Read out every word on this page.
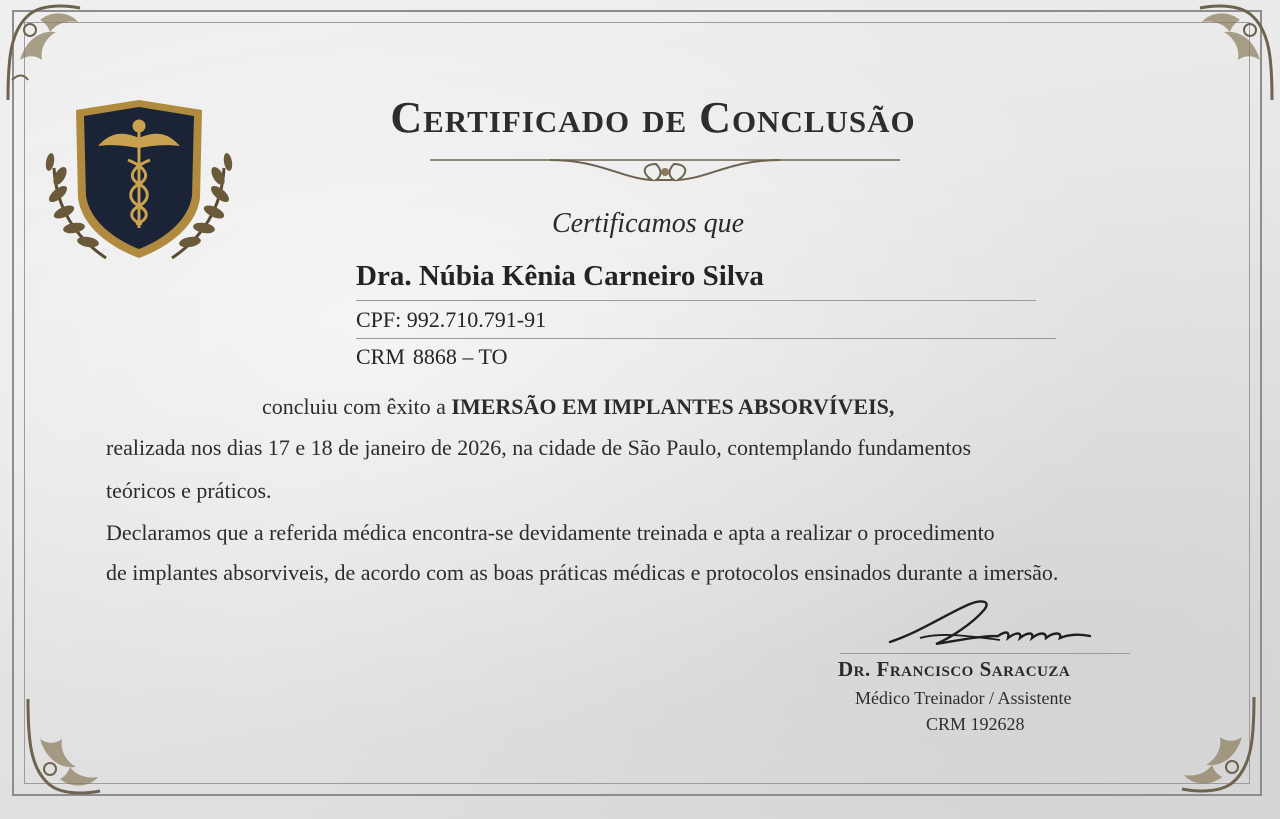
Certificado de Conclusão
Certificamos que
Dra. Núbia Kênia Carneiro Silva
CPF: 992.710.791-91
CRM 8868 – TO
concluiu com êxito a IMERSÃO EM IMPLANTES ABSORVÍVEIS,
realizada nos dias 17 e 18 de janeiro de 2026, na cidade de São Paulo, contemplando fundamentos
teóricos e práticos.
Declaramos que a referida médica encontra-se devidamente treinada e apta a realizar o procedimento
de implantes absorviveis, de acordo com as boas práticas médicas e protocolos ensinados durante a imersão.
Dr. Francisco Saracuza
Médico Treinador / Assistente
CRM 192628
